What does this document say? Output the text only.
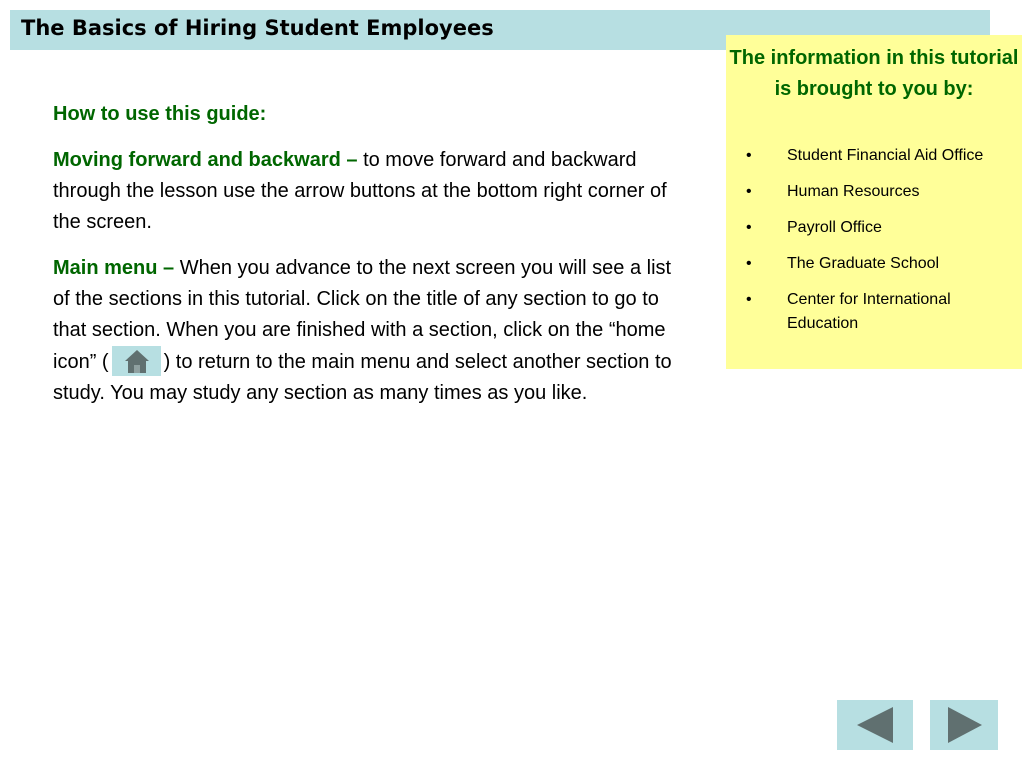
The Basics of Hiring Student Employees
The information in this tutorial is brought to you by:
• Student Financial Aid Office
• Human Resources
• Payroll Office
• The Graduate School
• Center for International Education

How to use this guide:

Moving forward and backward – to move forward and backward through the lesson use the arrow buttons at the bottom right corner of the screen.

Main menu – When you advance to the next screen you will see a list of the sections in this tutorial. Click on the title of any section to go to that section. When you are finished with a section, click on the “home icon” (	) to return to the main menu and select another section to study. You may study any section as many times as you like.
